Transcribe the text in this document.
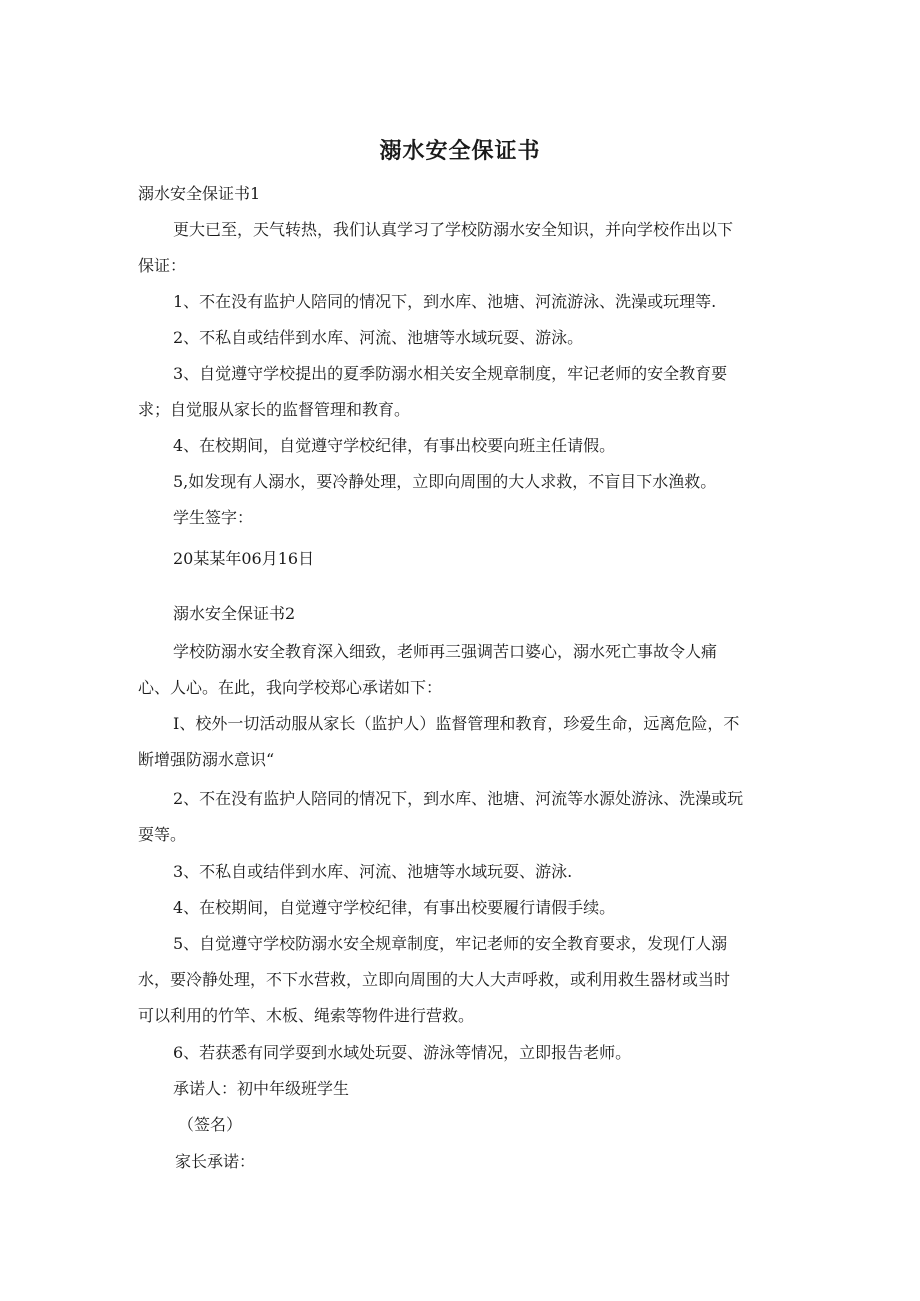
溺水安全保证书

溺水安全保证书1

更大已至，天气转热，我们认真学习了学校防溺水安全知识，并向学校作出以下

保证：

1、不在没有监护人陪同的情况下，到水库、池塘、河流游泳、洗澡或玩理等.

2、不私自或结伴到水库、河流、池塘等水域玩耍、游泳。

3、自觉遵守学校提出的夏季防溺水相关安全规章制度，牢记老师的安全教育要

求；自觉服从家长的监督管理和教育。

4、在校期间，自觉遵守学校纪律，有事出校要向班主任请假。

5,如发现有人溺水，要冷静处理，立即向周围的大人求救，不盲目下水渔救。

学生签字：

20某某年06月16日

溺水安全保证书2

学校防溺水安全教育深入细致，老师再三强调苦口婆心，溺水死亡事故令人痛

心、人心。在此，我向学校郑心承诺如下：

I、校外一切活动服从家长（监护人）监督管理和教育，珍爱生命，远离危险，不

断增强防溺水意识“

2、不在没有监护人陪同的情况下，到水库、池塘、河流等水源处游泳、洗澡或玩

耍等。

3、不私自或结伴到水库、河流、池塘等水域玩耍、游泳.

4、在校期间，自觉遵守学校纪律，有事出校要履行请假手续。

5、自觉遵守学校防溺水安全规章制度，牢记老师的安全教育要求，发现仃人溺

水，要冷静处理，不下水营救，立即向周围的大人大声呼救，或利用救生器材或当时

可以利用的竹竿、木板、绳索等物件进行营救。

6、若获悉有同学耍到水域处玩耍、游泳等情况，立即报告老师。

承诺人：初中年级班学生

（签名）

家长承诺：
